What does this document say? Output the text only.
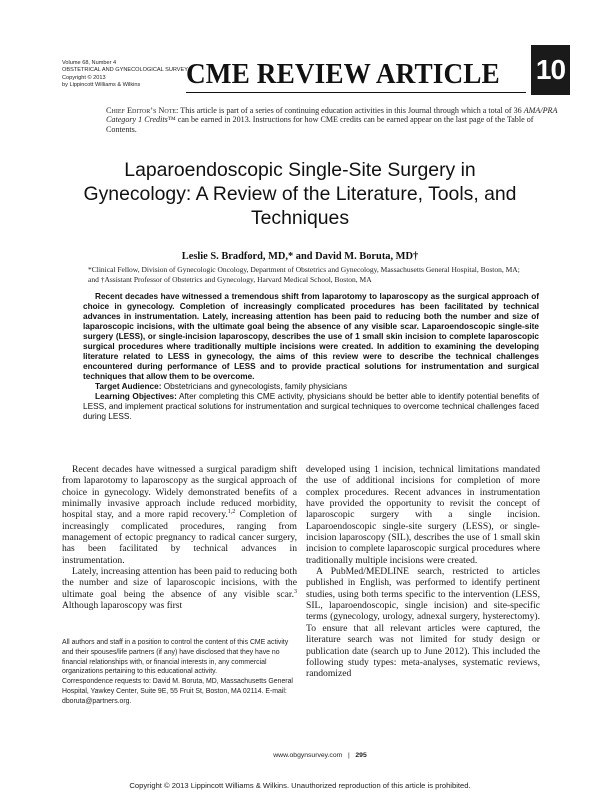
Volume 68, Number 4
OBSTETRICAL AND GYNECOLOGICAL SURVEY
Copyright © 2013
by Lippincott Williams & Wilkins	CME REVIEW ARTICLE 10
Chief Editor’s Note: This article is part of a series of continuing education activities in this Journal through which a total of 36 AMA/PRA Category 1 Credits™ can be earned in 2013. Instructions for how CME credits can be earned appear on the last page of the Table of Contents.
Laparoendoscopic Single-Site Surgery in Gynecology: A Review of the Literature, Tools, and Techniques
Leslie S. Bradford, MD,* and David M. Boruta, MD†
*Clinical Fellow, Division of Gynecologic Oncology, Department of Obstetrics and Gynecology, Massachusetts General Hospital, Boston, MA; and †Assistant Professor of Obstetrics and Gynecology, Harvard Medical School, Boston, MA
Recent decades have witnessed a tremendous shift from laparotomy to laparoscopy as the surgical approach of choice in gynecology. Completion of increasingly complicated procedures has been facilitated by technical advances in instrumentation. Lately, increasing attention has been paid to reducing both the number and size of laparoscopic incisions, with the ultimate goal being the absence of any visible scar. Laparoendoscopic single-site surgery (LESS), or single-incision laparoscopy, describes the use of 1 small skin incision to complete laparoscopic surgical procedures where traditionally multiple incisions were created. In addition to examining the developing literature related to LESS in gynecology, the aims of this review were to describe the technical challenges encountered during performance of LESS and to provide practical solutions for instrumentation and surgical techniques that allow them to be overcome.
Target Audience: Obstetricians and gynecologists, family physicians
Learning Objectives: After completing this CME activity, physicians should be better able to identify potential benefits of LESS, and implement practical solutions for instrumentation and surgical techniques to overcome technical challenges faced during LESS.

Recent decades have witnessed a surgical paradigm shift from laparotomy to laparoscopy as the surgical approach of choice in gynecology. Widely demonstrated benefits of a minimally invasive approach include reduced morbidity, hospital stay, and a more rapid recovery.$^{1,2}$ Completion of increasingly complicated procedures, ranging from management of ectopic pregnancy to radical cancer surgery, has been facilitated by technical advances in instrumentation.

Lately, increasing attention has been paid to reducing both the number and size of laparoscopic incisions, with the ultimate goal being the absence of any visible scar.$^3$ Although laparoscopy was first

developed using 1 incision, technical limitations mandated the use of additional incisions for completion of more complex procedures. Recent advances in instrumentation have provided the opportunity to revisit the concept of laparoscopic surgery with a single incision. Laparoendoscopic single-site surgery (LESS), or single-incision laparoscopy (SIL), describes the use of 1 small skin incision to complete laparoscopic surgical procedures where traditionally multiple incisions were created.

A PubMed/MEDLINE search, restricted to articles published in English, was performed to identify pertinent studies, using both terms specific to the intervention (LESS, SIL, laparoendoscopic, single incision) and site-specific terms (gynecology, urology, adnexal surgery, hysterectomy). To ensure that all relevant articles were captured, the literature search was not limited for study design or publication date (search up to June 2012). This included the following study types: meta-analyses, systematic reviews, randomized

All authors and staff in a position to control the content of this CME activity and their spouses/life partners (if any) have disclosed that they have no financial relationships with, or financial interests in, any commercial organizations pertaining to this educational activity.

Correspondence requests to: David M. Boruta, MD, Massachusetts General Hospital, Yawkey Center, Suite 9E, 55 Fruit St, Boston, MA 02114. E-mail: dboruta@partners.org.

www.obgynsurvey.com | 295
Copyright © 2013 Lippincott Williams & Wilkins. Unauthorized reproduction of this article is prohibited.
